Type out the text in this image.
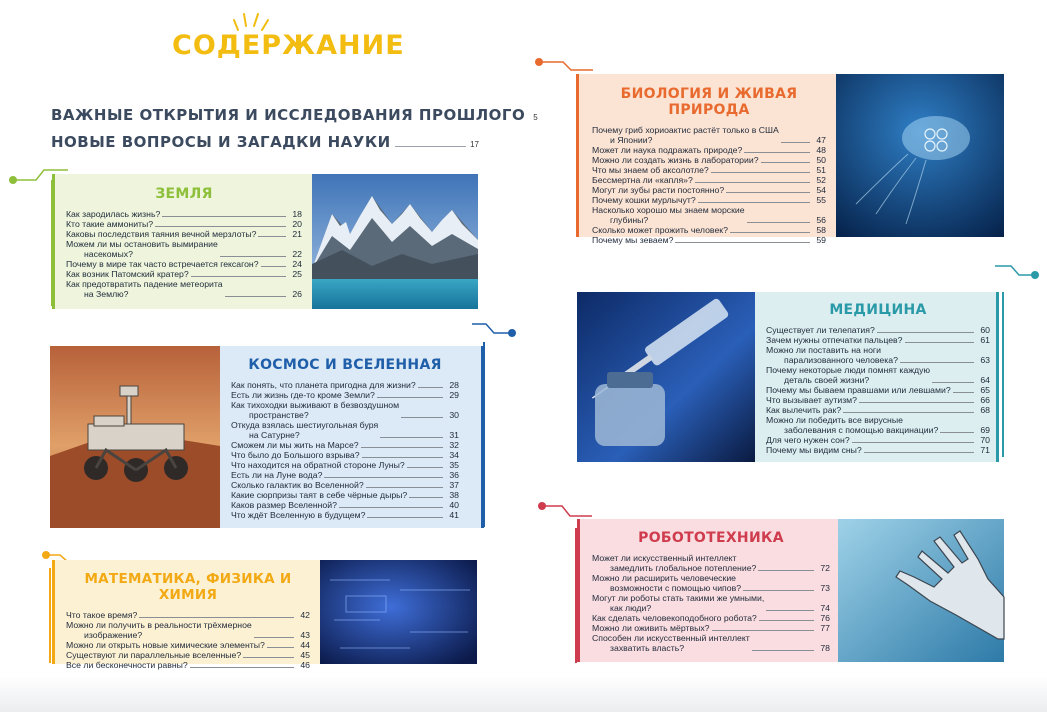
СОДЕРЖАНИЕ
ВАЖНЫЕ ОТКРЫТИЯ И ИССЛЕДОВАНИЯ ПРОШЛОГО 5
НОВЫЕ ВОПРОСЫ И ЗАГАДКИ НАУКИ	17
ЗЕМЛЯ
Как зародилась жизнь?	18
Кто такие аммониты?	20
Каковы последствия таяния вечной мерзлоты?	21
Можем ли мы остановить вымирание
насекомых?	22
Почему в мире так часто встречается гексагон?	24
Как возник Патомский кратер?	25
Как предотвратить падение метеорита
на Землю?	26
КОСМОС И ВСЕЛЕННАЯ
Как понять, что планета пригодна для жизни?	28
Есть ли жизнь где-то кроме Земли?	29
Как тихоходки выживают в безвоздушном
пространстве?	30
Откуда взялась шестиугольная буря
на Сатурне?	31
Сможем ли мы жить на Марсе?	32
Что было до Большого взрыва?	34
Что находится на обратной стороне Луны?	35
Есть ли на Луне вода?	36
Сколько галактик во Вселенной?	37
Какие сюрпризы таят в себе чёрные дыры?	38
Каков размер Вселенной?	40
Что ждёт Вселенную в будущем?	41
МАТЕМАТИКА, ФИЗИКА И ХИМИЯ
Что такое время?	42
Можно ли получить в реальности трёхмерное
изображение?	43
Можно ли открыть новые химические элементы?	44
Существуют ли параллельные вселенные?	45
Все ли бесконечности равны?	46
БИОЛОГИЯ И ЖИВАЯ ПРИРОДА
Почему гриб хориоактис растёт только в США
и Японии?	47
Может ли наука подражать природе?	48
Можно ли создать жизнь в лаборатории?	50
Что мы знаем об аксолотле?	51
Бессмертна ли «капля»?	52
Могут ли зубы расти постоянно?	54
Почему кошки мурлычут?	55
Насколько хорошо мы знаем морские
глубины?	56
Сколько может прожить человек?	58
Почему мы зеваем?	59
МЕДИЦИНА
Существует ли телепатия?	60
Зачем нужны отпечатки пальцев?	61
Можно ли поставить на ноги
парализованного человека?	63
Почему некоторые люди помнят каждую
деталь своей жизни?	64
Почему мы бываем правшами или левшами?	65
Что вызывает аутизм?	66
Как вылечить рак?	68
Можно ли победить все вирусные
заболевания с помощью вакцинации?	69
Для чего нужен сон?	70
Почему мы видим сны?	71
РОБОТОТЕХНИКА
Может ли искусственный интеллект
замедлить глобальное потепление?	72
Можно ли расширить человеческие
возможности с помощью чипов?	73
Могут ли роботы стать такими же умными,
как люди?	74
Как сделать человекоподобного робота?	76
Можно ли оживить мёртвых?	77
Способен ли искусственный интеллект
захватить власть?	78
